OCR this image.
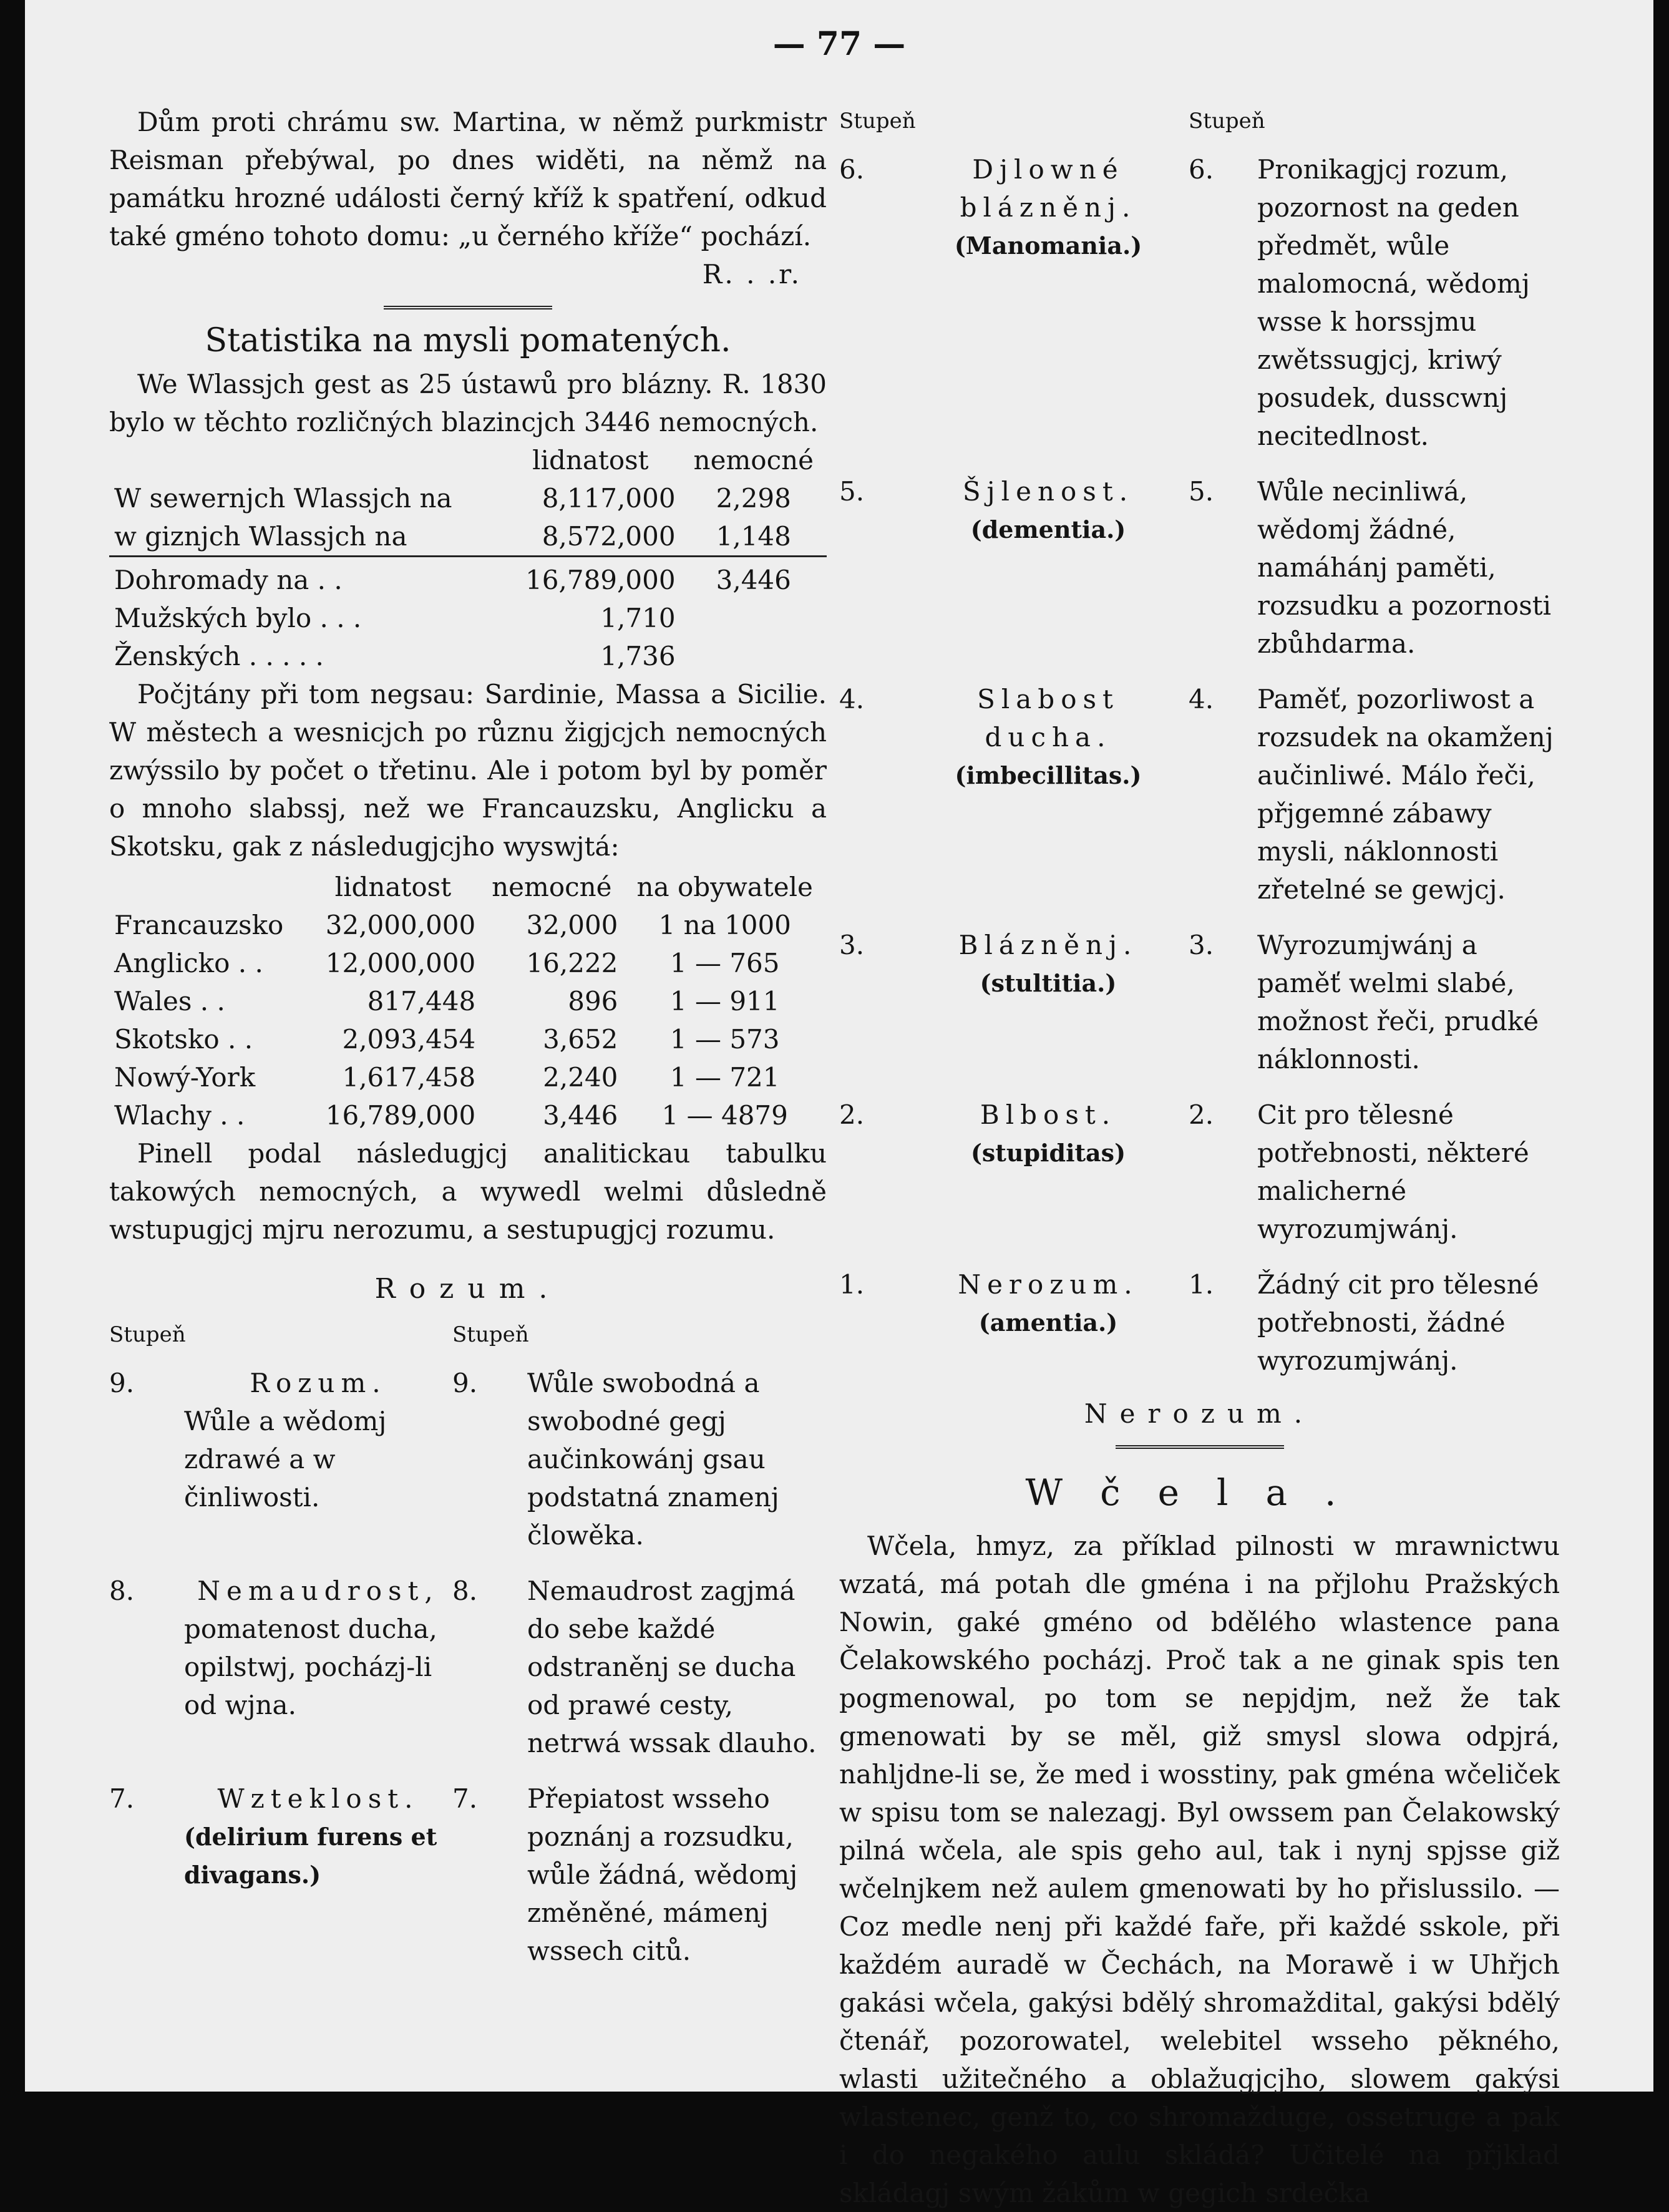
— 77 —

Dům proti chrámu sw. Martina, w němž purkmistr Reisman přebýwal, po dnes widěti, na němž na památku hrozné události černý kříž k spatření, odkud také gméno tohoto domu: „u černého kříže“ pochází.

R. . .r.

Statistika na mysli pomatených.

We Wlassjch gest as 25 ústawů pro blázny. R. 1830 bylo w těchto rozličných blazincjch 3446 nemocných.

	lidnatost	nemocné
W sewernjch Wlassjch na	8,117,000	2,298
w giznjch Wlassjch na	8,572,000	1,148
Dohromady na . .	16,789,000	3,446
Mužských bylo . . .	1,710	
Ženských . . . . .	1,736	

Počjtány při tom negsau: Sardinie, Massa a Sicilie. W městech a wesnicjch po různu žigjcjch nemocných zwýssilo by počet o třetinu. Ale i potom byl by poměr o mnoho slabssj, než we Francauzsku, Anglicku a Skotsku, gak z následugjcjho wyswjtá:

	lidnatost	nemocné	na obywatele
Francauzsko	32,000,000	32,000	1 na 1000
Anglicko . .	12,000,000	16,222	1 — 765
Wales . .	817,448	896	1 — 911
Skotsko . .	2,093,454	3,652	1 — 573
Nowý-York	1,617,458	2,240	1 — 721
Wlachy . .	16,789,000	3,446	1 — 4879

Pinell podal následugjcj analitickau tabulku takowých nemocných, a wywedl welmi důsledně wstupugjcj mjru nerozumu, a sestupugjcj rozumu.

Rozum.
Stupeň	Stupeň
9.	Rozum.
Wůle a wědomj zdrawé a w činliwosti.
9.	Wůle swobodná a swobodné gegj aučinkowánj gsau podstatná znamenj člowěka.
8.	Nemaudrost,
pomatenost ducha, opilstwj, pocházj-li od wjna.
8.	Nemaudrost zagjmá do sebe každé odstraněnj se ducha od prawé cesty, netrwá wssak dlauho.
7.	Wzteklost.
(delirium furens et divagans.)
7.	Přepiatost wsseho poznánj a rozsudku, wůle žádná, wědomj změněné, mámenj wssech citů.
Stupeň	Stupeň
6.	Djlowné blázněnj.
(Manomania.)
6.	Pronikagjcj rozum, pozornost na geden předmět, wůle malomocná, wědomj wsse k horssjmu zwětssugjcj, kriwý posudek, dusscwnj necitedlnost.
5.	Šjlenost.
(dementia.)
5.	Wůle necinliwá, wědomj žádné, namáhánj paměti, rozsudku a pozornosti zbůhdarma.
4.	Slabost ducha.
(imbecillitas.)
4.	Paměť, pozorliwost a rozsudek na okamženj aučinliwé. Málo řeči, přjgemné zábawy mysli, náklonnosti zřetelné se gewjcj.
3.	Blázněnj.
(stultitia.)
3.	Wyrozumjwánj a paměť welmi slabé, možnost řeči, prudké náklonnosti.
2.	Blbost.
(stupiditas)
2.	Cit pro tělesné potřebnosti, některé malicherné wyrozumjwánj.
1.	Nerozum.
(amentia.)
1.	Žádný cit pro tělesné potřebnosti, žádné wyrozumjwánj.
Nerozum.
Wčela.

Wčela, hmyz, za příklad pilnosti w mrawnictwu wzatá, má potah dle gména i na přjlohu Pražských Nowin, gaké gméno od bdělého wlastence pana Čelakowského pocházj. Proč tak a ne ginak spis ten pogmenowal, po tom se nepjdjm, než že tak gmenowati by se měl, giž smysl slowa odpjrá, nahljdne-li se, že med i wosstiny, pak gména wčeliček w spisu tom se nalezagj. Byl owssem pan Čelakowský pilná wčela, ale spis geho aul, tak i nynj spjsse giž wčelnjkem než aulem gmenowati by ho přislussilo. — Coz medle nenj při každé faře, při každé sskole, při každém auradě w Čechách, na Morawě i w Uhřjch gakási wčela, gakýsi bdělý shromaždital, gakýsi bdělý čtenář, pozorowatel, welebitel wsseho pěkného, wlasti užitečného a oblažugjcjho, slowem gakýsi wlastenec, genž to, co shromažduge, ossetruge a pak i do negakého aulu skládá? Učitelé na přjklad skládagj swým žákům w gegich srdečka
